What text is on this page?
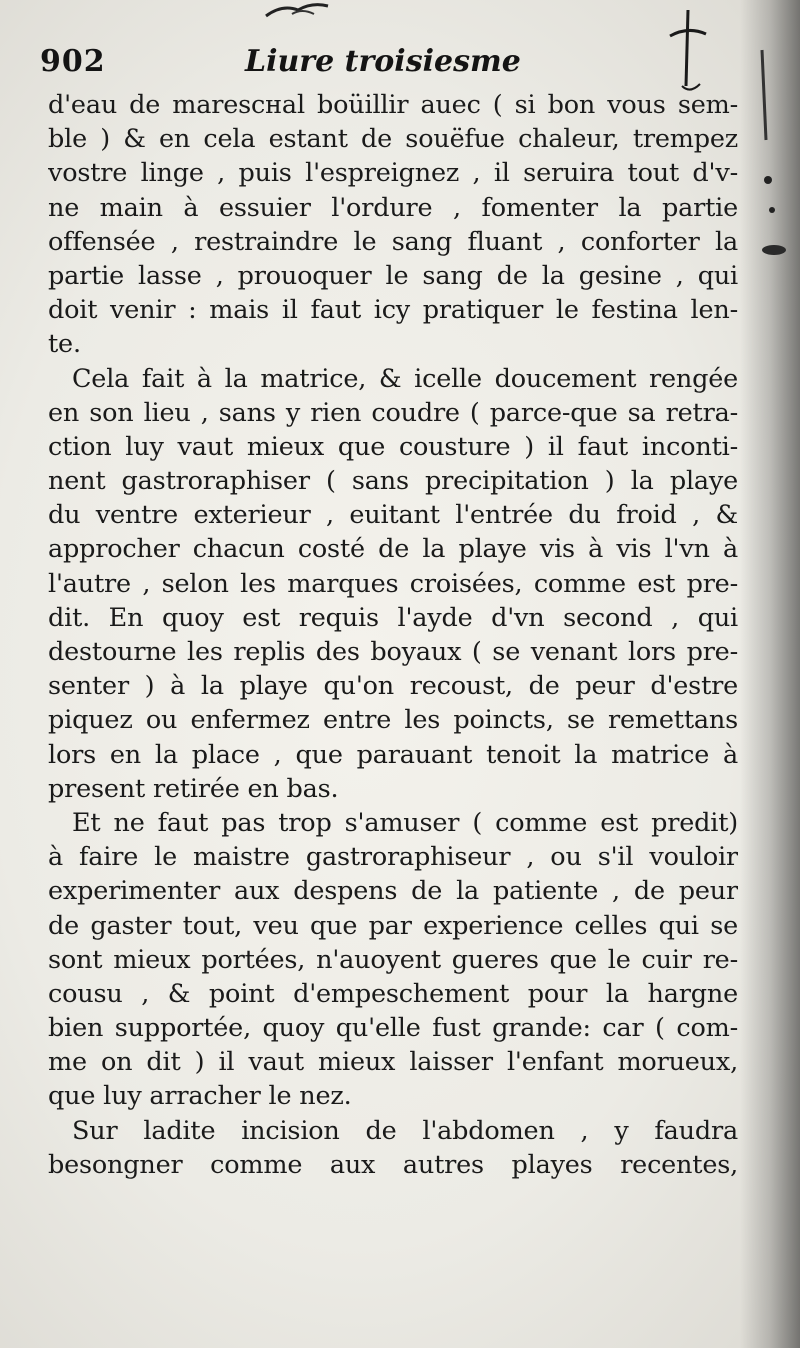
902	Liure troisiesme
d'eau de marescʜal boüillir auec ( si bon vous sem-
ble ) & en cela estant de souëfue chaleur, trempez
vostre linge , puis l'espreignez , il seruira tout d'v-
ne main à essuier l'ordure , fomenter la partie
offensée , restraindre le sang fluant , conforter la
partie lasse , prouoquer le sang de la gesine , qui
doit venir : mais il faut icy pratiquer le festina len-
te.
Cela fait à la matrice, & icelle doucement rengée
en son lieu , sans y rien coudre ( parce-que sa retra-
ction luy vaut mieux que cousture ) il faut inconti-
nent gastroraphiser ( sans precipitation ) la playe
du ventre exterieur , euitant l'entrée du froid , &
approcher chacun costé de la playe vis à vis l'vn à
l'autre , selon les marques croisées, comme est pre-
dit. En quoy est requis l'ayde d'vn second , qui
destourne les replis des boyaux ( se venant lors pre-
senter ) à la playe qu'on recoust, de peur d'estre
piquez ou enfermez entre les poincts, se remettans
lors en la place , que parauant tenoit la matrice à
present retirée en bas.
Et ne faut pas trop s'amuser ( comme est predit)
à faire le maistre gastroraphiseur , ou s'il vouloir
experimenter aux despens de la patiente , de peur
de gaster tout, veu que par experience celles qui se
sont mieux portées, n'auoyent gueres que le cuir re-
cousu , & point d'empeschement pour la hargne
bien supportée, quoy qu'elle fust grande: car ( com-
me on dit ) il vaut mieux laisser l'enfant morueux,
que luy arracher le nez.
Sur ladite incision de l'abdomen , y faudra
besongner comme aux autres playes recentes,
